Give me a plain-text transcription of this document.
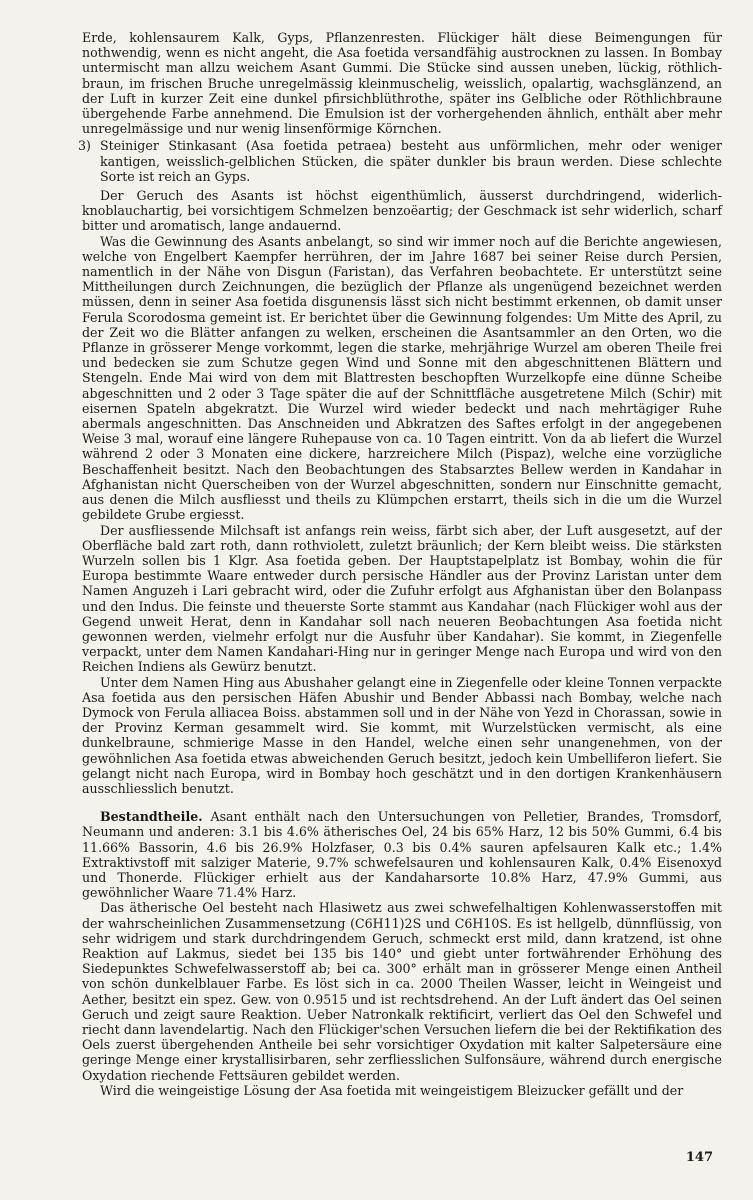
Erde, kohlensaurem Kalk, Gyps, Pflanzenresten. Flückiger hält diese Beimengungen für nothwendig, wenn es nicht angeht, die Asa foetida versandfähig austrocknen zu lassen. In Bombay untermischt man allzu weichem Asant Gummi. Die Stücke sind aussen uneben, lückig, röthlich-braun, im frischen Bruche unregelmässig kleinmuschelig, weisslich, opalartig, wachsglänzend, an der Luft in kurzer Zeit eine dunkel pfirsichblüthrothe, später ins Gelbliche oder Röthlichbraune übergehende Farbe annehmend. Die Emulsion ist der vorhergehenden ähnlich, enthält aber mehr unregelmässige und nur wenig linsenförmige Körnchen.

3) Steiniger Stinkasant (Asa foetida petraea) besteht aus unförmlichen, mehr oder weniger kantigen, weisslich-gelblichen Stücken, die später dunkler bis braun werden. Diese schlechte Sorte ist reich an Gyps.

Der Geruch des Asants ist höchst eigenthümlich, äusserst durchdringend, widerlich-knoblauchartig, bei vorsichtigem Schmelzen benzoëartig; der Geschmack ist sehr widerlich, scharf bitter und aromatisch, lange andauernd.

Was die Gewinnung des Asants anbelangt, so sind wir immer noch auf die Berichte angewiesen, welche von Engelbert Kaempfer herrühren, der im Jahre 1687 bei seiner Reise durch Persien, namentlich in der Nähe von Disgun (Faristan), das Verfahren beobachtete. Er unterstützt seine Mittheilungen durch Zeichnungen, die bezüglich der Pflanze als ungenügend bezeichnet werden müssen, denn in seiner Asa foetida disgunensis lässt sich nicht bestimmt erkennen, ob damit unser Ferula Scorodosma gemeint ist. Er berichtet über die Gewinnung folgendes: Um Mitte des April, zu der Zeit wo die Blätter anfangen zu welken, erscheinen die Asantsammler an den Orten, wo die Pflanze in grösserer Menge vorkommt, legen die starke, mehrjährige Wurzel am oberen Theile frei und bedecken sie zum Schutze gegen Wind und Sonne mit den abgeschnittenen Blättern und Stengeln. Ende Mai wird von dem mit Blattresten beschopften Wurzelkopfe eine dünne Scheibe abgeschnitten und 2 oder 3 Tage später die auf der Schnittfläche ausgetretene Milch (Schir) mit eisernen Spateln abgekratzt. Die Wurzel wird wieder bedeckt und nach mehrtägiger Ruhe abermals angeschnitten. Das Anschneiden und Abkratzen des Saftes erfolgt in der angegebenen Weise 3 mal, worauf eine längere Ruhepause von ca. 10 Tagen eintritt. Von da ab liefert die Wurzel während 2 oder 3 Monaten eine dickere, harzreichere Milch (Pispaz), welche eine vorzügliche Beschaffenheit besitzt. Nach den Beobachtungen des Stabsarztes Bellew werden in Kandahar in Afghanistan nicht Querscheiben von der Wurzel abgeschnitten, sondern nur Einschnitte gemacht, aus denen die Milch ausfliesst und theils zu Klümpchen erstarrt, theils sich in die um die Wurzel gebildete Grube ergiesst.

Der ausfliessende Milchsaft ist anfangs rein weiss, färbt sich aber, der Luft ausgesetzt, auf der Oberfläche bald zart roth, dann rothviolett, zuletzt bräunlich; der Kern bleibt weiss. Die stärksten Wurzeln sollen bis 1 Klgr. Asa foetida geben. Der Hauptstapelplatz ist Bombay, wohin die für Europa bestimmte Waare entweder durch persische Händler aus der Provinz Laristan unter dem Namen Anguzeh i Lari gebracht wird, oder die Zufuhr erfolgt aus Afghanistan über den Bolanpass und den Indus. Die feinste und theuerste Sorte stammt aus Kandahar (nach Flückiger wohl aus der Gegend unweit Herat, denn in Kandahar soll nach neueren Beobachtungen Asa foetida nicht gewonnen werden, vielmehr erfolgt nur die Ausfuhr über Kandahar). Sie kommt, in Ziegenfelle verpackt, unter dem Namen Kandahari-Hing nur in geringer Menge nach Europa und wird von den Reichen Indiens als Gewürz benutzt.

Unter dem Namen Hing aus Abushaher gelangt eine in Ziegenfelle oder kleine Tonnen verpackte Asa foetida aus den persischen Häfen Abushir und Bender Abbassi nach Bombay, welche nach Dymock von Ferula alliacea Boiss. abstammen soll und in der Nähe von Yezd in Chorassan, sowie in der Provinz Kerman gesammelt wird. Sie kommt, mit Wurzelstücken vermischt, als eine dunkelbraune, schmierige Masse in den Handel, welche einen sehr unangenehmen, von der gewöhnlichen Asa foetida etwas abweichenden Geruch besitzt, jedoch kein Umbelliferon liefert. Sie gelangt nicht nach Europa, wird in Bombay hoch geschätzt und in den dortigen Krankenhäusern ausschliesslich benutzt.

Bestandtheile. Asant enthält nach den Untersuchungen von Pelletier, Brandes, Tromsdorf, Neumann und anderen: 3.1 bis 4.6% ätherisches Oel, 24 bis 65% Harz, 12 bis 50% Gummi, 6.4 bis 11.66% Bassorin, 4.6 bis 26.9% Holzfaser, 0.3 bis 0.4% sauren apfelsauren Kalk etc.; 1.4% Extraktivstoff mit salziger Materie, 9.7% schwefelsauren und kohlensauren Kalk, 0.4% Eisenoxyd und Thonerde. Flückiger erhielt aus der Kandaharsorte 10.8% Harz, 47.9% Gummi, aus gewöhnlicher Waare 71.4% Harz.

Das ätherische Oel besteht nach Hlasiwetz aus zwei schwefelhaltigen Kohlenwasserstoffen mit der wahrscheinlichen Zusammensetzung (C6H11)2S und C6H10S. Es ist hellgelb, dünnflüssig, von sehr widrigem und stark durchdringendem Geruch, schmeckt erst mild, dann kratzend, ist ohne Reaktion auf Lakmus, siedet bei 135 bis 140° und giebt unter fortwährender Erhöhung des Siedepunktes Schwefelwasserstoff ab; bei ca. 300° erhält man in grösserer Menge einen Antheil von schön dunkelblauer Farbe. Es löst sich in ca. 2000 Theilen Wasser, leicht in Weingeist und Aether, besitzt ein spez. Gew. von 0.9515 und ist rechtsdrehend. An der Luft ändert das Oel seinen Geruch und zeigt saure Reaktion. Ueber Natronkalk rektificirt, verliert das Oel den Schwefel und riecht dann lavendelartig. Nach den Flückiger'schen Versuchen liefern die bei der Rektifikation des Oels zuerst übergehenden Antheile bei sehr vorsichtiger Oxydation mit kalter Salpetersäure eine geringe Menge einer krystallisirbaren, sehr zerfliesslichen Sulfonsäure, während durch energische Oxydation riechende Fettsäuren gebildet werden.

Wird die weingeistige Lösung der Asa foetida mit weingeistigem Bleizucker gefällt und der

147
